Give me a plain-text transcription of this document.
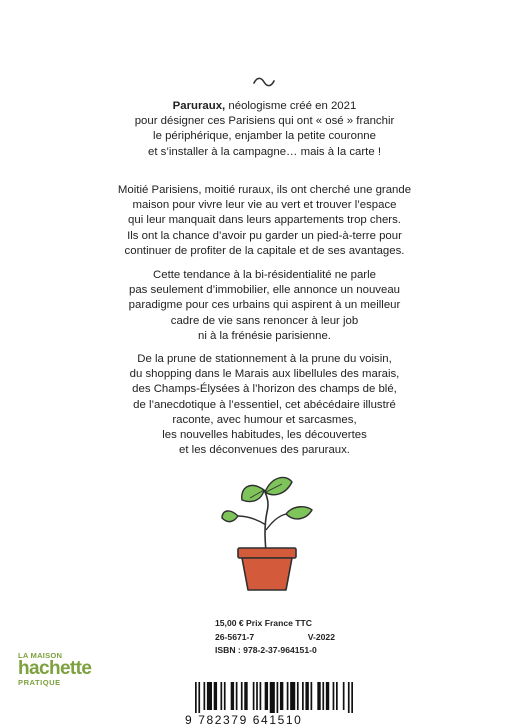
Paruraux, néologisme créé en 2021
pour désigner ces Parisiens qui ont « osé » franchir
le périphérique, enjamber la petite couronne
et s’installer à la campagne… mais à la carte !

Moitié Parisiens, moitié ruraux, ils ont cherché une grande
maison pour vivre leur vie au vert et trouver l’espace
qui leur manquait dans leurs appartements trop chers.
Ils ont la chance d’avoir pu garder un pied-à-terre pour
continuer de profiter de la capitale et de ses avantages.

Cette tendance à la bi-résidentialité ne parle
pas seulement d’immobilier, elle annonce un nouveau
paradigme pour ces urbains qui aspirent à un meilleur
cadre de vie sans renoncer à leur job
ni à la frénésie parisienne.

De la prune de stationnement à la prune du voisin,
du shopping dans le Marais aux libellules des marais,
des Champs-Élysées à l’horizon des champs de blé,
de l’anecdotique à l’essentiel, cet abécédaire illustré
raconte, avec humour et sarcasmes,
les nouvelles habitudes, les découvertes
et les déconvenues des paruraux.

15,00 € Prix France TTC
26-5671-7	V-2022
ISBN : 978-2-37-964151-0
LA MAISON
hachette
PRATIQUE
9 782379 641510
